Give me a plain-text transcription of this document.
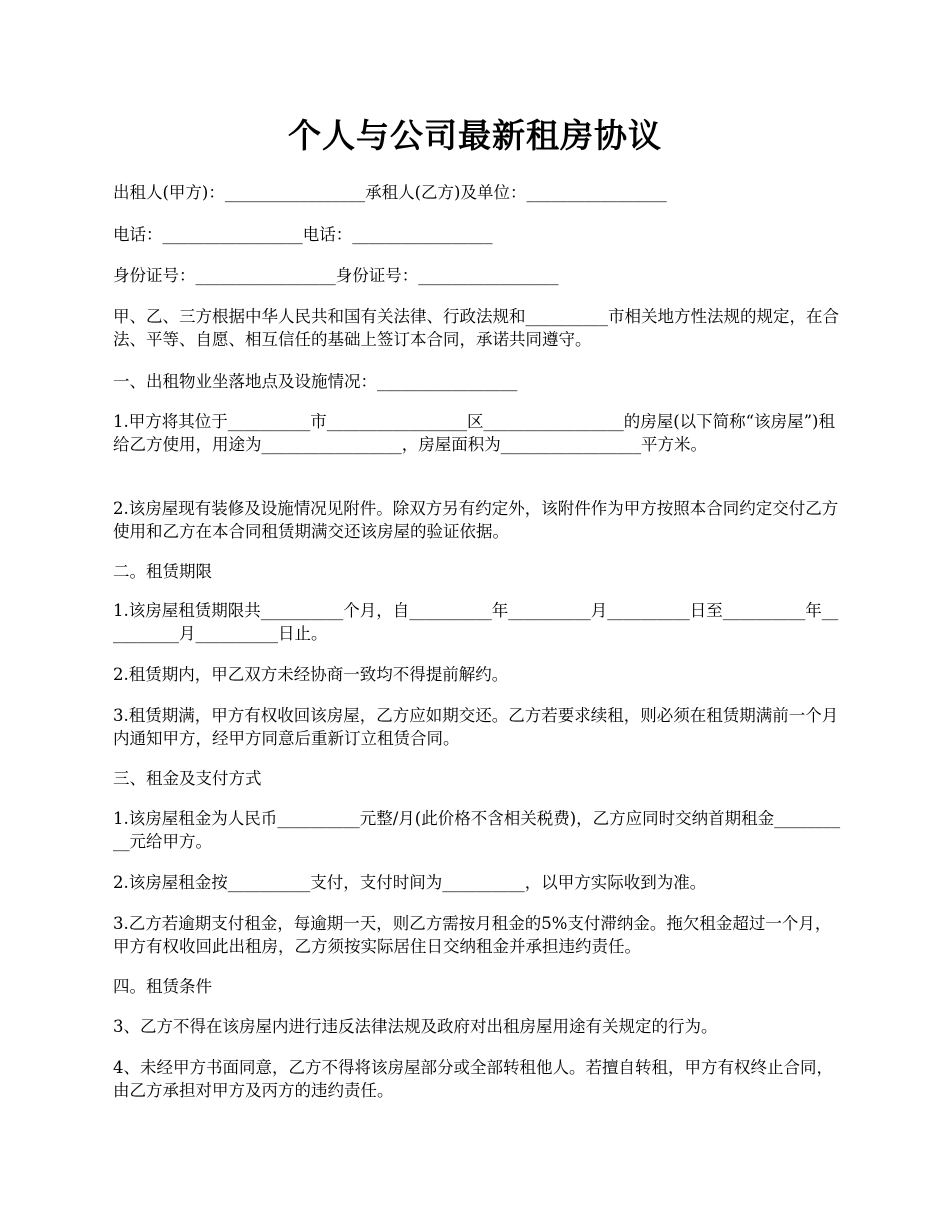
个人与公司最新租房协议
出租人(甲方)：_________________承租人(乙方)及单位：_________________
电话：_________________电话：_________________
身份证号：_________________身份证号：_________________
甲、乙、三方根据中华人民共和国有关法律、行政法规和__________市相关地方性法规的规定，在合法、平等、自愿、相互信任的基础上签订本合同，承诺共同遵守。
一、出租物业坐落地点及设施情况：_________________
1.甲方将其位于__________市_________________区_________________的房屋(以下简称“该房屋”)租给乙方使用，用途为_________________，房屋面积为_________________平方米。
2.该房屋现有装修及设施情况见附件。除双方另有约定外，该附件作为甲方按照本合同约定交付乙方使用和乙方在本合同租赁期满交还该房屋的验证依据。
二。租赁期限
1.该房屋租赁期限共__________个月，自__________年__________月__________日至__________年__________月__________日止。
2.租赁期内，甲乙双方未经协商一致均不得提前解约。
3.租赁期满，甲方有权收回该房屋，乙方应如期交还。乙方若要求续租，则必须在租赁期满前一个月内通知甲方，经甲方同意后重新订立租赁合同。
三、租金及支付方式
1.该房屋租金为人民币__________元整/月(此价格不含相关税费)，乙方应同时交纳首期租金__________元给甲方。
2.该房屋租金按__________支付，支付时间为__________，以甲方实际收到为准。
3.乙方若逾期支付租金，每逾期一天，则乙方需按月租金的5%支付滞纳金。拖欠租金超过一个月，甲方有权收回此出租房，乙方须按实际居住日交纳租金并承担违约责任。
四。租赁条件
3、乙方不得在该房屋内进行违反法律法规及政府对出租房屋用途有关规定的行为。
4、未经甲方书面同意，乙方不得将该房屋部分或全部转租他人。若擅自转租，甲方有权终止合同，由乙方承担对甲方及丙方的违约责任。
